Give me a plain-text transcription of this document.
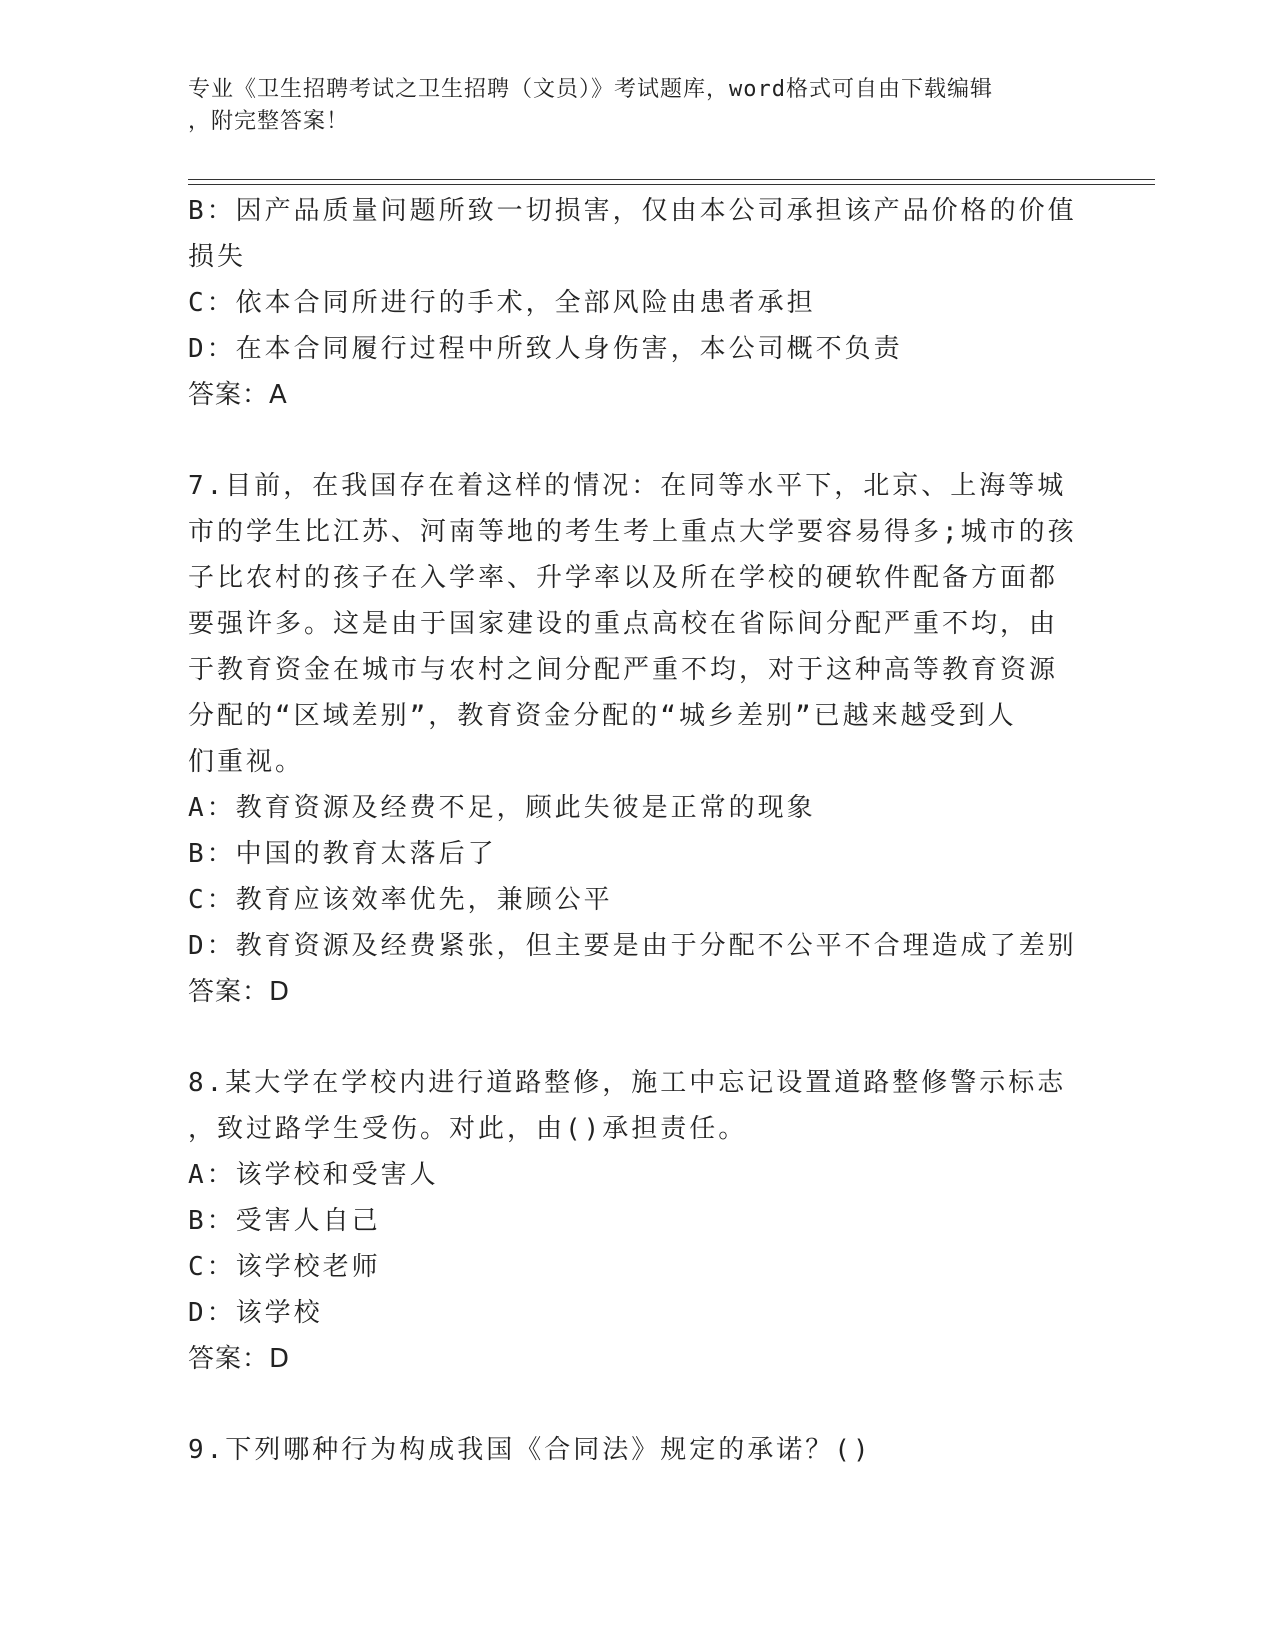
专业《卫生招聘考试之卫生招聘（文员）》考试题库，word格式可自由下载编辑

，附完整答案！

B：因产品质量问题所致一切损害，仅由本公司承担该产品价格的价值
损失
C：依本合同所进行的手术，全部风险由患者承担
D：在本合同履行过程中所致人身伤害，本公司概不负责
答案：A
7.目前，在我国存在着这样的情况：在同等水平下，北京、上海等城
市的学生比江苏、河南等地的考生考上重点大学要容易得多;城市的孩
子比农村的孩子在入学率、升学率以及所在学校的硬软件配备方面都
要强许多。这是由于国家建设的重点高校在省际间分配严重不均，由
于教育资金在城市与农村之间分配严重不均，对于这种高等教育资源
分配的“区域差别”，教育资金分配的“城乡差别”已越来越受到人
们重视。
A：教育资源及经费不足，顾此失彼是正常的现象
B：中国的教育太落后了
C：教育应该效率优先，兼顾公平
D：教育资源及经费紧张，但主要是由于分配不公平不合理造成了差别
答案：D
8.某大学在学校内进行道路整修，施工中忘记设置道路整修警示标志
，致过路学生受伤。对此，由()承担责任。
A：该学校和受害人
B：受害人自己
C：该学校老师
D：该学校
答案：D
9.下列哪种行为构成我国《合同法》规定的承诺？()
